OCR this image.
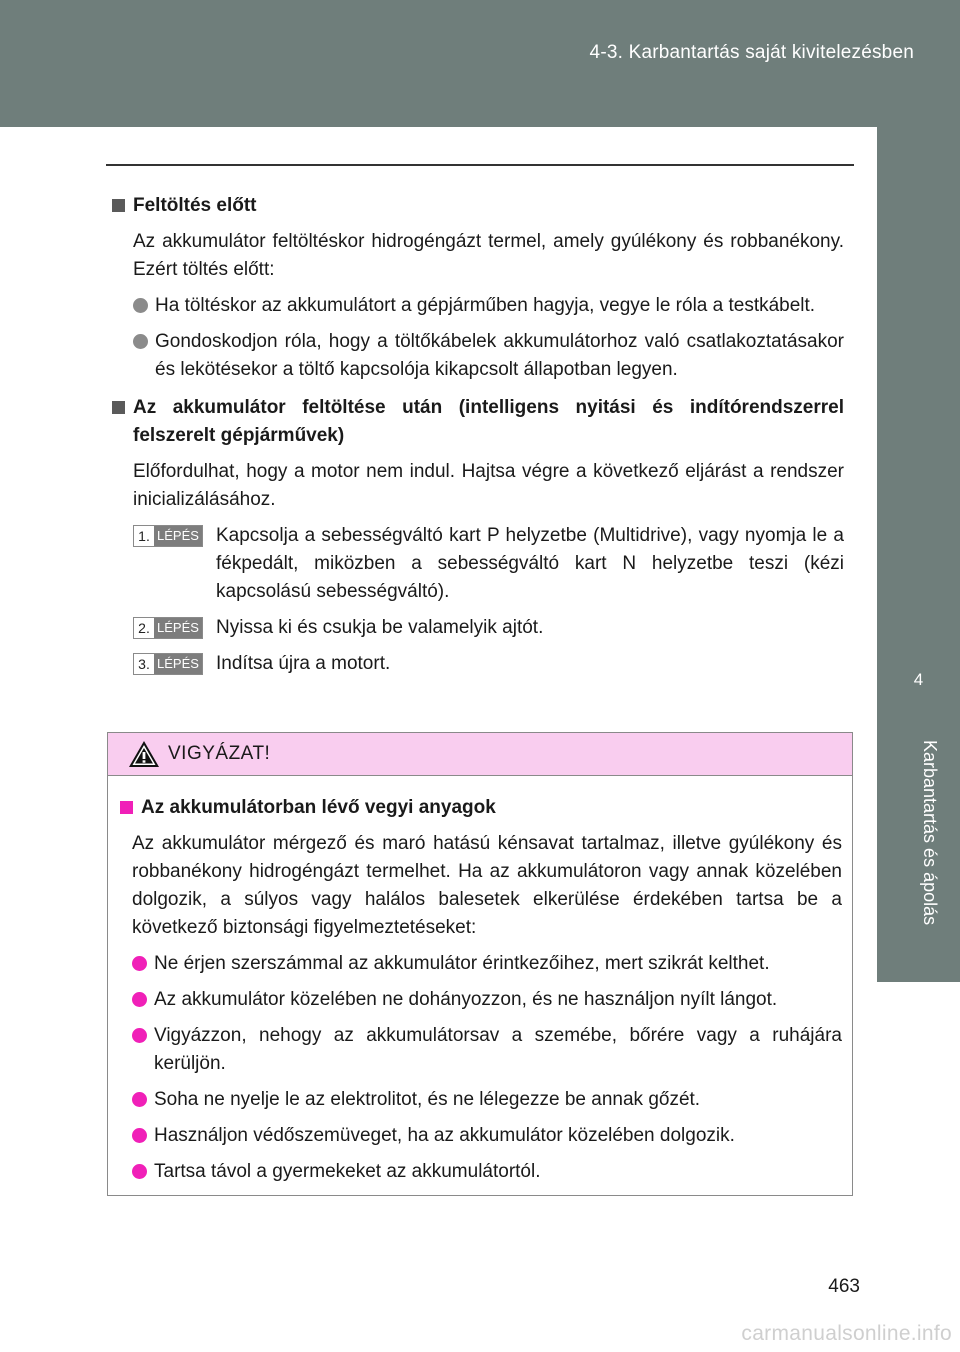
4-3. Karbantartás saját kivitelezésben
4
Karbantartás és ápolás
Feltöltés előtt
Az akkumulátor feltöltéskor hidrogéngázt termel, amely gyúlékony és robbanékony. Ezért töltés előtt:
Ha töltéskor az akkumulátort a gépjárműben hagyja, vegye le róla a testkábelt.
Gondoskodjon róla, hogy a töltőkábelek akkumulátorhoz való csatlakoztatásakor és lekötésekor a töltő kapcsolója kikapcsolt állapotban legyen.
Az akkumulátor feltöltése után (intelligens nyitási és indítórendszerrel felszerelt gépjárművek)
Előfordulhat, hogy a motor nem indul. Hajtsa végre a következő eljárást a rendszer inicializálásához.
1. LÉPÉS Kapcsolja a sebességváltó kart P helyzetbe (Multidrive), vagy nyomja le a fékpedált, miközben a sebességváltó kart N helyzetbe teszi (kézi kapcsolású sebességváltó).
2. LÉPÉS Nyissa ki és csukja be valamelyik ajtót.
3. LÉPÉS Indítsa újra a motort.
VIGYÁZAT!
Az akkumulátorban lévő vegyi anyagok
Az akkumulátor mérgező és maró hatású kénsavat tartalmaz, illetve gyúlékony és robbanékony hidrogéngázt termelhet. Ha az akkumulátoron vagy annak közelében dolgozik, a súlyos vagy halálos balesetek elkerülése érdekében tartsa be a következő biztonsági figyelmeztetéseket:
Ne érjen szerszámmal az akkumulátor érintkezőihez, mert szikrát kelthet.
Az akkumulátor közelében ne dohányozzon, és ne használjon nyílt lángot.
Vigyázzon, nehogy az akkumulátorsav a szemébe, bőrére vagy a ruhájára kerüljön.
Soha ne nyelje le az elektrolitot, és ne lélegezze be annak gőzét.
Használjon védőszemüveget, ha az akkumulátor közelében dolgozik.
Tartsa távol a gyermekeket az akkumulátortól.
463
carmanualsonline.info
